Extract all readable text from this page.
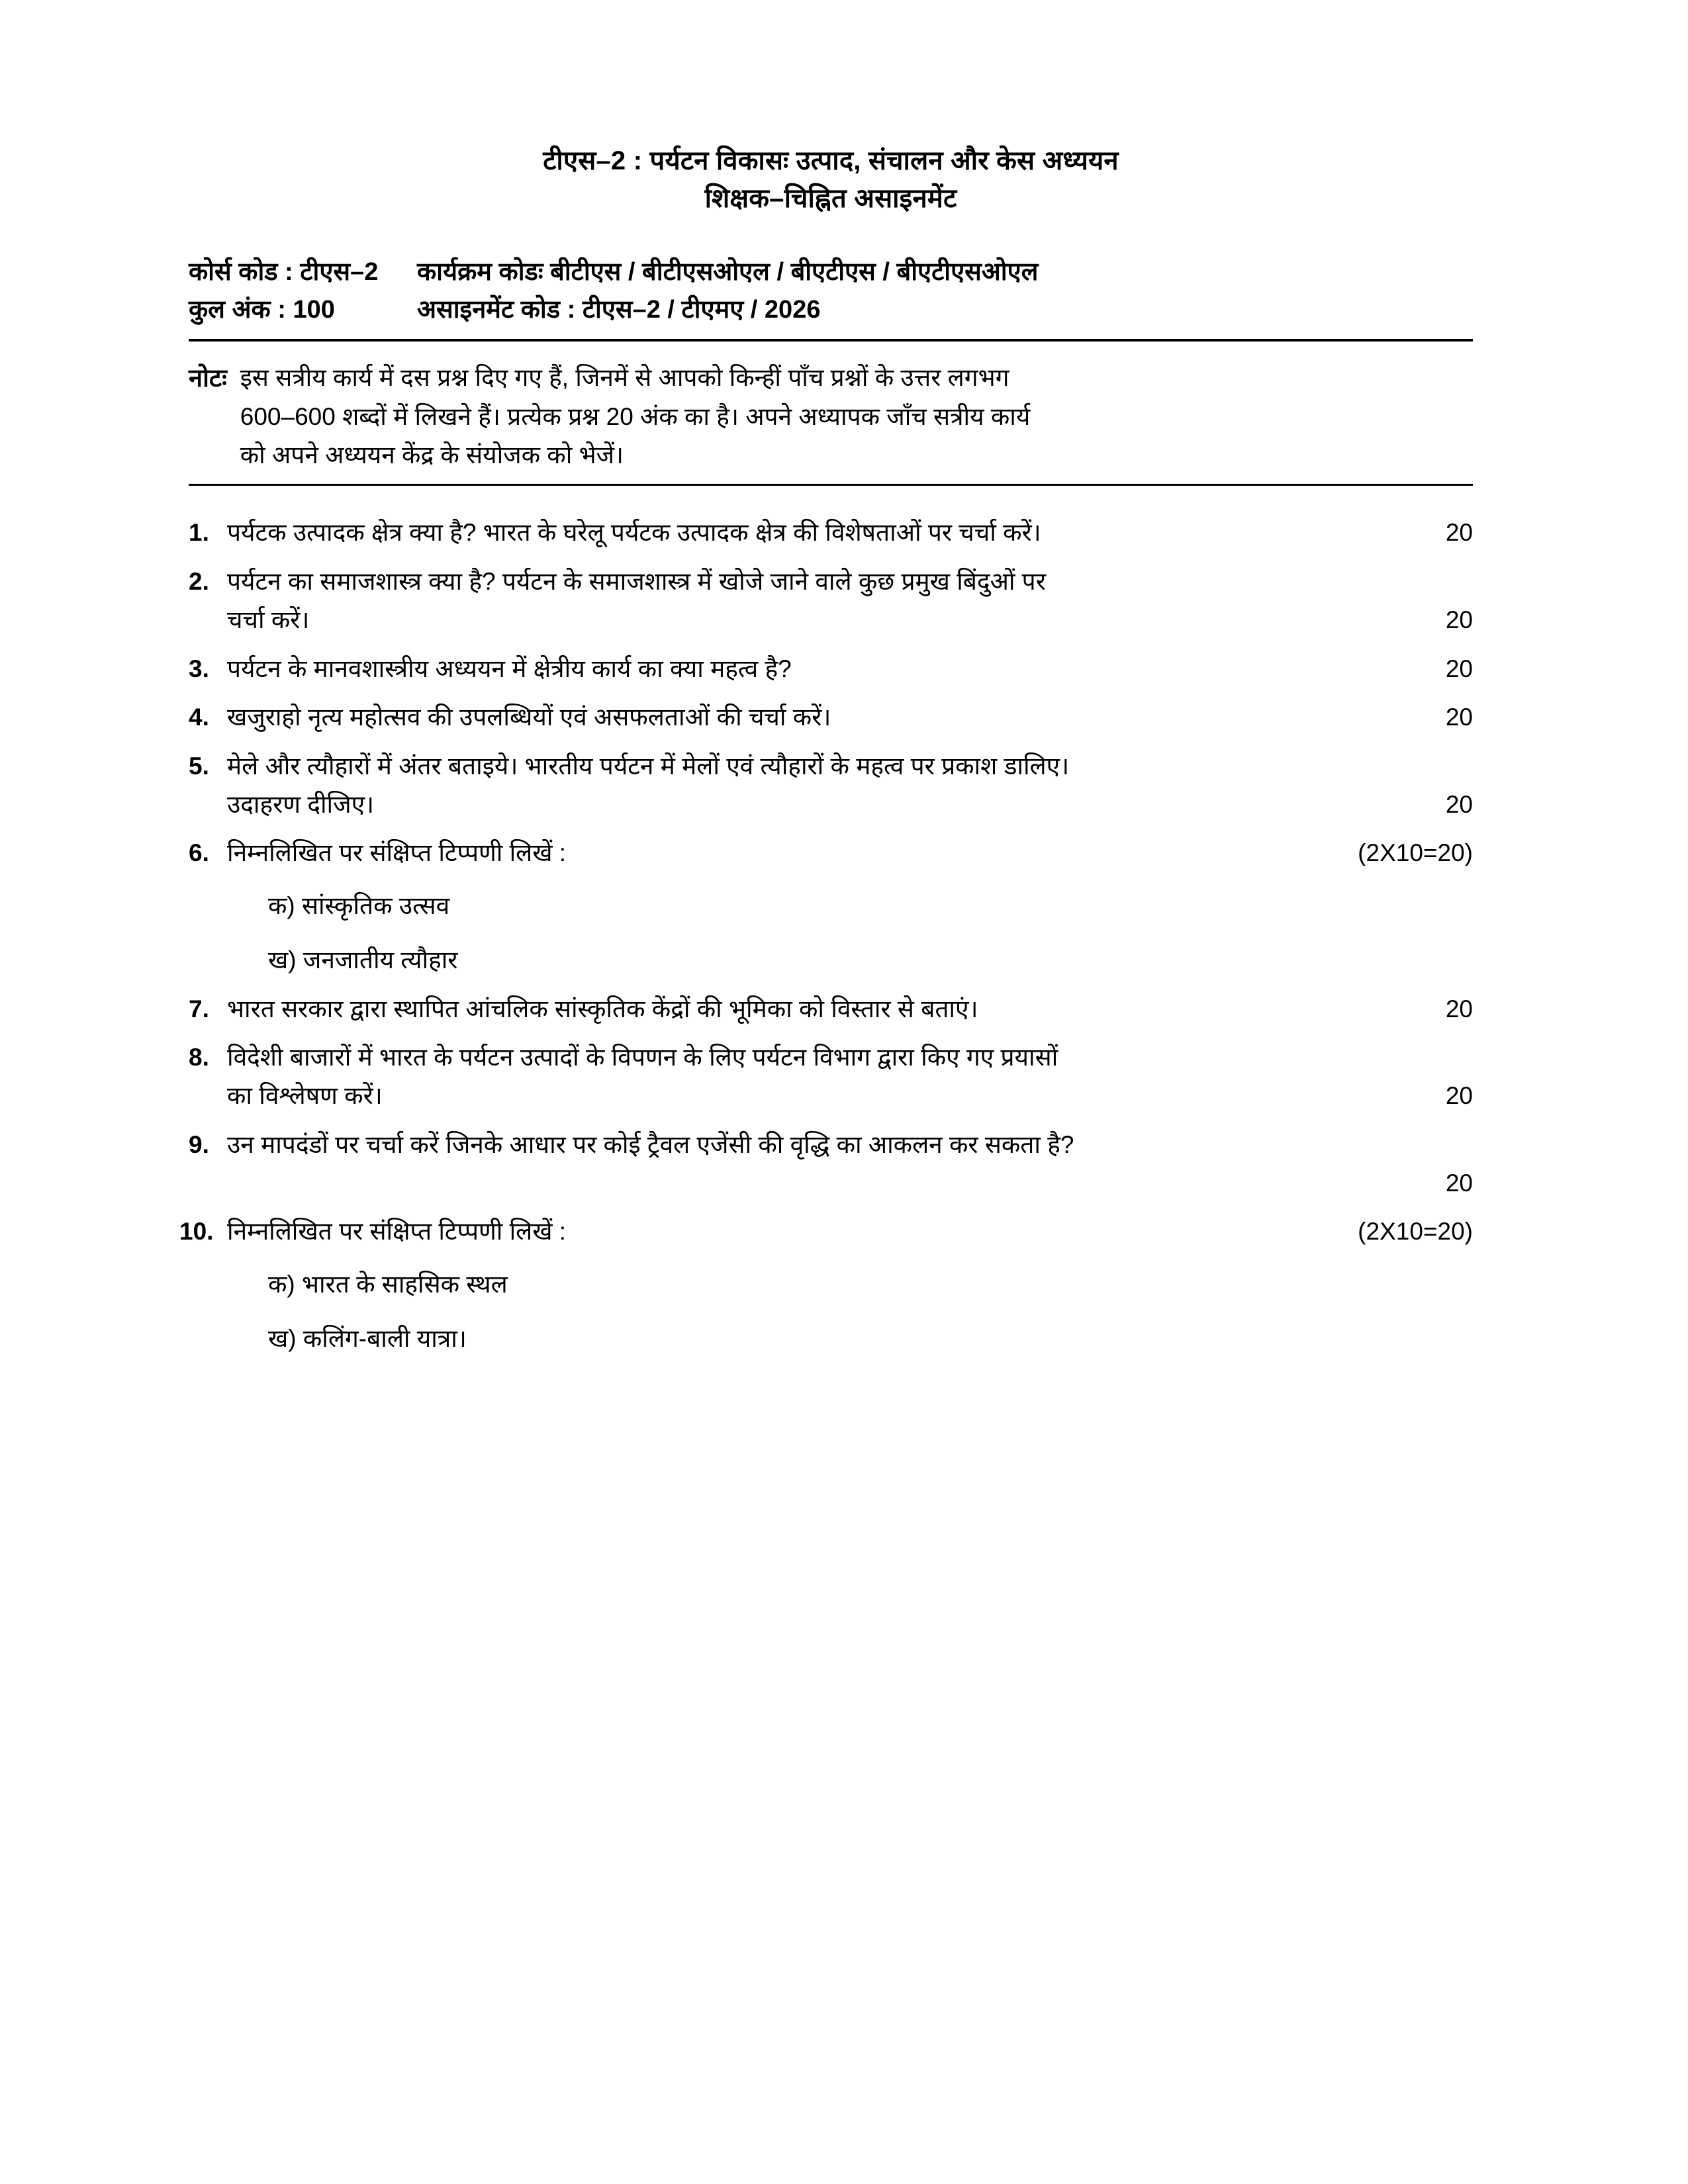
टीएस–2 : पर्यटन विकासः उत्पाद, संचालन और केस अध्ययन
शिक्षक–चिह्नित असाइनमेंट
कोर्स कोड : टीएस–2	कार्यक्रम कोडः बीटीएस / बीटीएसओएल / बीएटीएस / बीएटीएसओएल
कुल अंक : 100	असाइनमेंट कोड : टीएस–2 / टीएमए / 2026
नोटः इस सत्रीय कार्य में दस प्रश्न दिए गए हैं, जिनमें से आपको किन्हीं पाँच प्रश्नों के उत्तर लगभग
600–600 शब्दों में लिखने हैं। प्रत्येक प्रश्न 20 अंक का है। अपने अध्यापक जाँच सत्रीय कार्य
को अपने अध्ययन केंद्र के संयोजक को भेजें।
1. पर्यटक उत्पादक क्षेत्र क्या है? भारत के घरेलू पर्यटक उत्पादक क्षेत्र की विशेषताओं पर चर्चा करें।	20
2. पर्यटन का समाजशास्त्र क्या है? पर्यटन के समाजशास्त्र में खोजे जाने वाले कुछ प्रमुख बिंदुओं पर
चर्चा करें।	20
3. पर्यटन के मानवशास्त्रीय अध्ययन में क्षेत्रीय कार्य का क्या महत्व है?	20
4. खजुराहो नृत्य महोत्सव की उपलब्धियों एवं असफलताओं की चर्चा करें।	20
5. मेले और त्यौहारों में अंतर बताइये। भारतीय पर्यटन में मेलों एवं त्यौहारों के महत्व पर प्रकाश डालिए।
उदाहरण दीजिए।	20
6. निम्नलिखित पर संक्षिप्त टिप्पणी लिखें :	(2X10=20)
क) सांस्कृतिक उत्सव
ख) जनजातीय त्यौहार
7. भारत सरकार द्वारा स्थापित आंचलिक सांस्कृतिक केंद्रों की भूमिका को विस्तार से बताएं।	20
8. विदेशी बाजारों में भारत के पर्यटन उत्पादों के विपणन के लिए पर्यटन विभाग द्वारा किए गए प्रयासों
का विश्लेषण करें।	20
9. उन मापदंडों पर चर्चा करें जिनके आधार पर कोई ट्रैवल एजेंसी की वृद्धि का आकलन कर सकता है?
20
10. निम्नलिखित पर संक्षिप्त टिप्पणी लिखें :	(2X10=20)
क) भारत के साहसिक स्थल
ख) कलिंग-बाली यात्रा।
